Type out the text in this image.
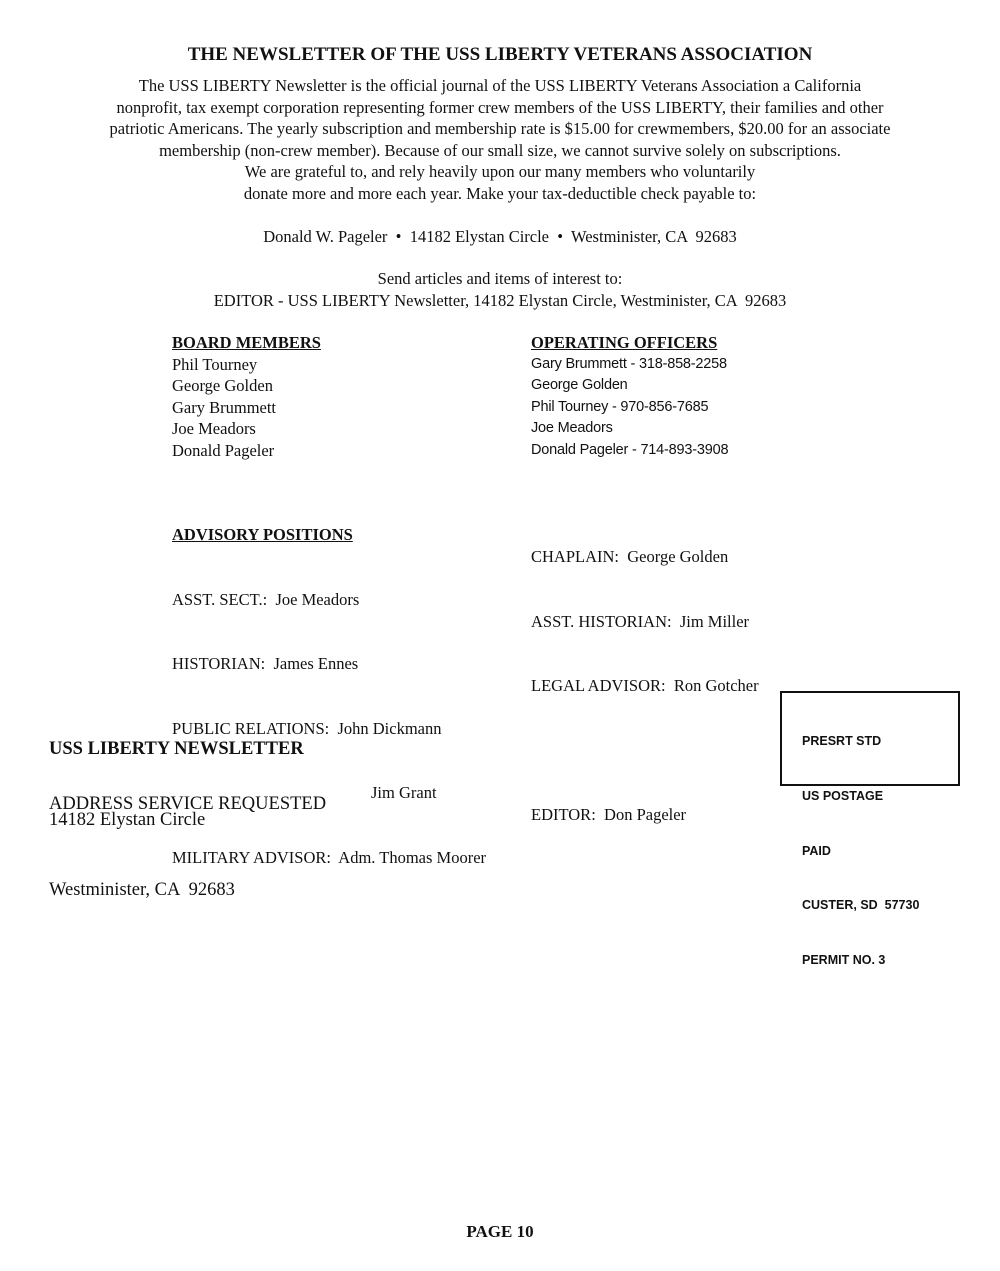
THE NEWSLETTER OF THE USS LIBERTY VETERANS ASSOCIATION
The USS LIBERTY Newsletter is the official journal of the USS LIBERTY Veterans Association a California
nonprofit, tax exempt corporation representing former crew members of the USS LIBERTY, their families and other
patriotic Americans. The yearly subscription and membership rate is $15.00 for crewmembers, $20.00 for an associate
membership (non-crew member). Because of our small size, we cannot survive solely on subscriptions.
We are grateful to, and rely heavily upon our many members who voluntarily
donate more and more each year. Make your tax-deductible check payable to:
Donald W. Pageler  •  14182 Elystan Circle  •  Westminister, CA  92683
Send articles and items of interest to:
EDITOR - USS LIBERTY Newsletter, 14182 Elystan Circle, Westminister, CA  92683
BOARD MEMBERS
Phil Tourney
George Golden
Gary Brummett
Joe Meadors
Donald Pageler
OPERATING OFFICERS
Gary Brummett - 318-858-2258
George Golden
Phil Tourney - 970-856-7685
Joe Meadors
Donald Pageler - 714-893-3908

ADVISORY POSITIONS

ASST. SECT.:  Joe Meadors

HISTORIAN:  James Ennes

PUBLIC RELATIONS:  John Dickmann

Jim Grant

MILITARY ADVISOR:  Adm. Thomas Moorer

CHAPLAIN:  George Golden

ASST. HISTORIAN:  Jim Miller

LEGAL ADVISOR:  Ron Gotcher

EDITOR:  Don Pageler

USS LIBERTY NEWSLETTER

14182 Elystan Circle

Westminister, CA  92683

ADDRESS SERVICE REQUESTED

PRESRT STD

US POSTAGE

PAID

CUSTER, SD  57730

PERMIT NO. 3

PAGE 10
